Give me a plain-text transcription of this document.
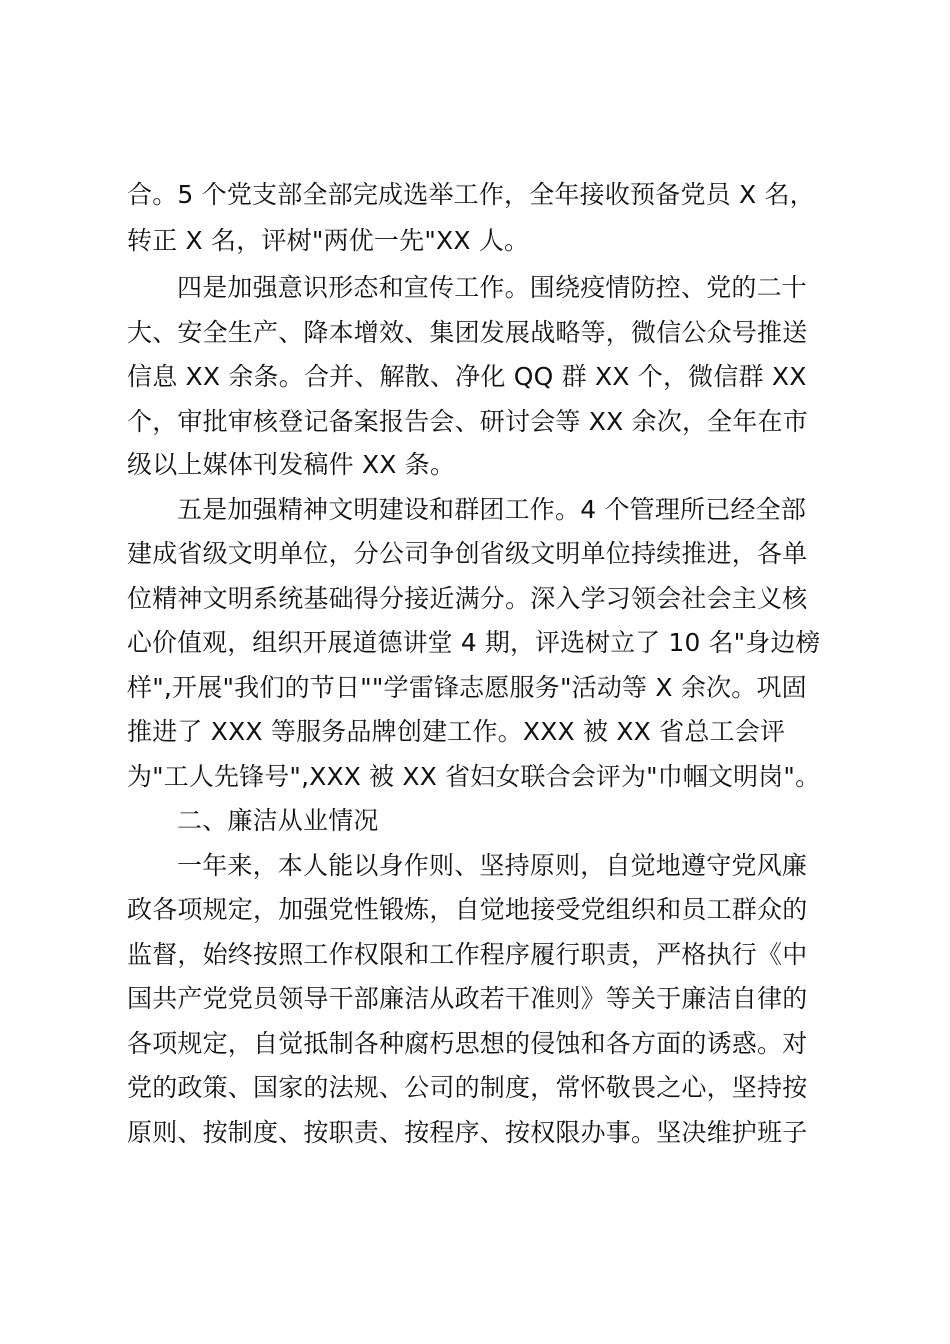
合。5 个党支部全部完成选举工作，全年接收预备党员 X 名，
转正 X 名，评树"两优一先"XX 人。
四是加强意识形态和宣传工作。围绕疫情防控、党的二十
大、安全生产、降本增效、集团发展战略等，微信公众号推送
信息 XX 余条。合并、解散、净化 QQ 群 XX 个，微信群 XX
个，审批审核登记备案报告会、研讨会等 XX 余次，全年在市
级以上媒体刊发稿件 XX 条。
五是加强精神文明建设和群团工作。4 个管理所已经全部
建成省级文明单位，分公司争创省级文明单位持续推进，各单
位精神文明系统基础得分接近满分。深入学习领会社会主义核
心价值观，组织开展道德讲堂 4 期，评选树立了 10 名"身边榜
样",开展"我们的节日""学雷锋志愿服务"活动等 X 余次。巩固
推进了 XXX 等服务品牌创建工作。XXX 被 XX 省总工会评
为"工人先锋号",XXX 被 XX 省妇女联合会评为"巾帼文明岗"。
二、廉洁从业情况
一年来，本人能以身作则、坚持原则，自觉地遵守党风廉
政各项规定，加强党性锻炼，自觉地接受党组织和员工群众的
监督，始终按照工作权限和工作程序履行职责，严格执行《中
国共产党党员领导干部廉洁从政若干准则》等关于廉洁自律的
各项规定，自觉抵制各种腐朽思想的侵蚀和各方面的诱惑。对
党的政策、国家的法规、公司的制度，常怀敬畏之心，坚持按
原则、按制度、按职责、按程序、按权限办事。坚决维护班子
